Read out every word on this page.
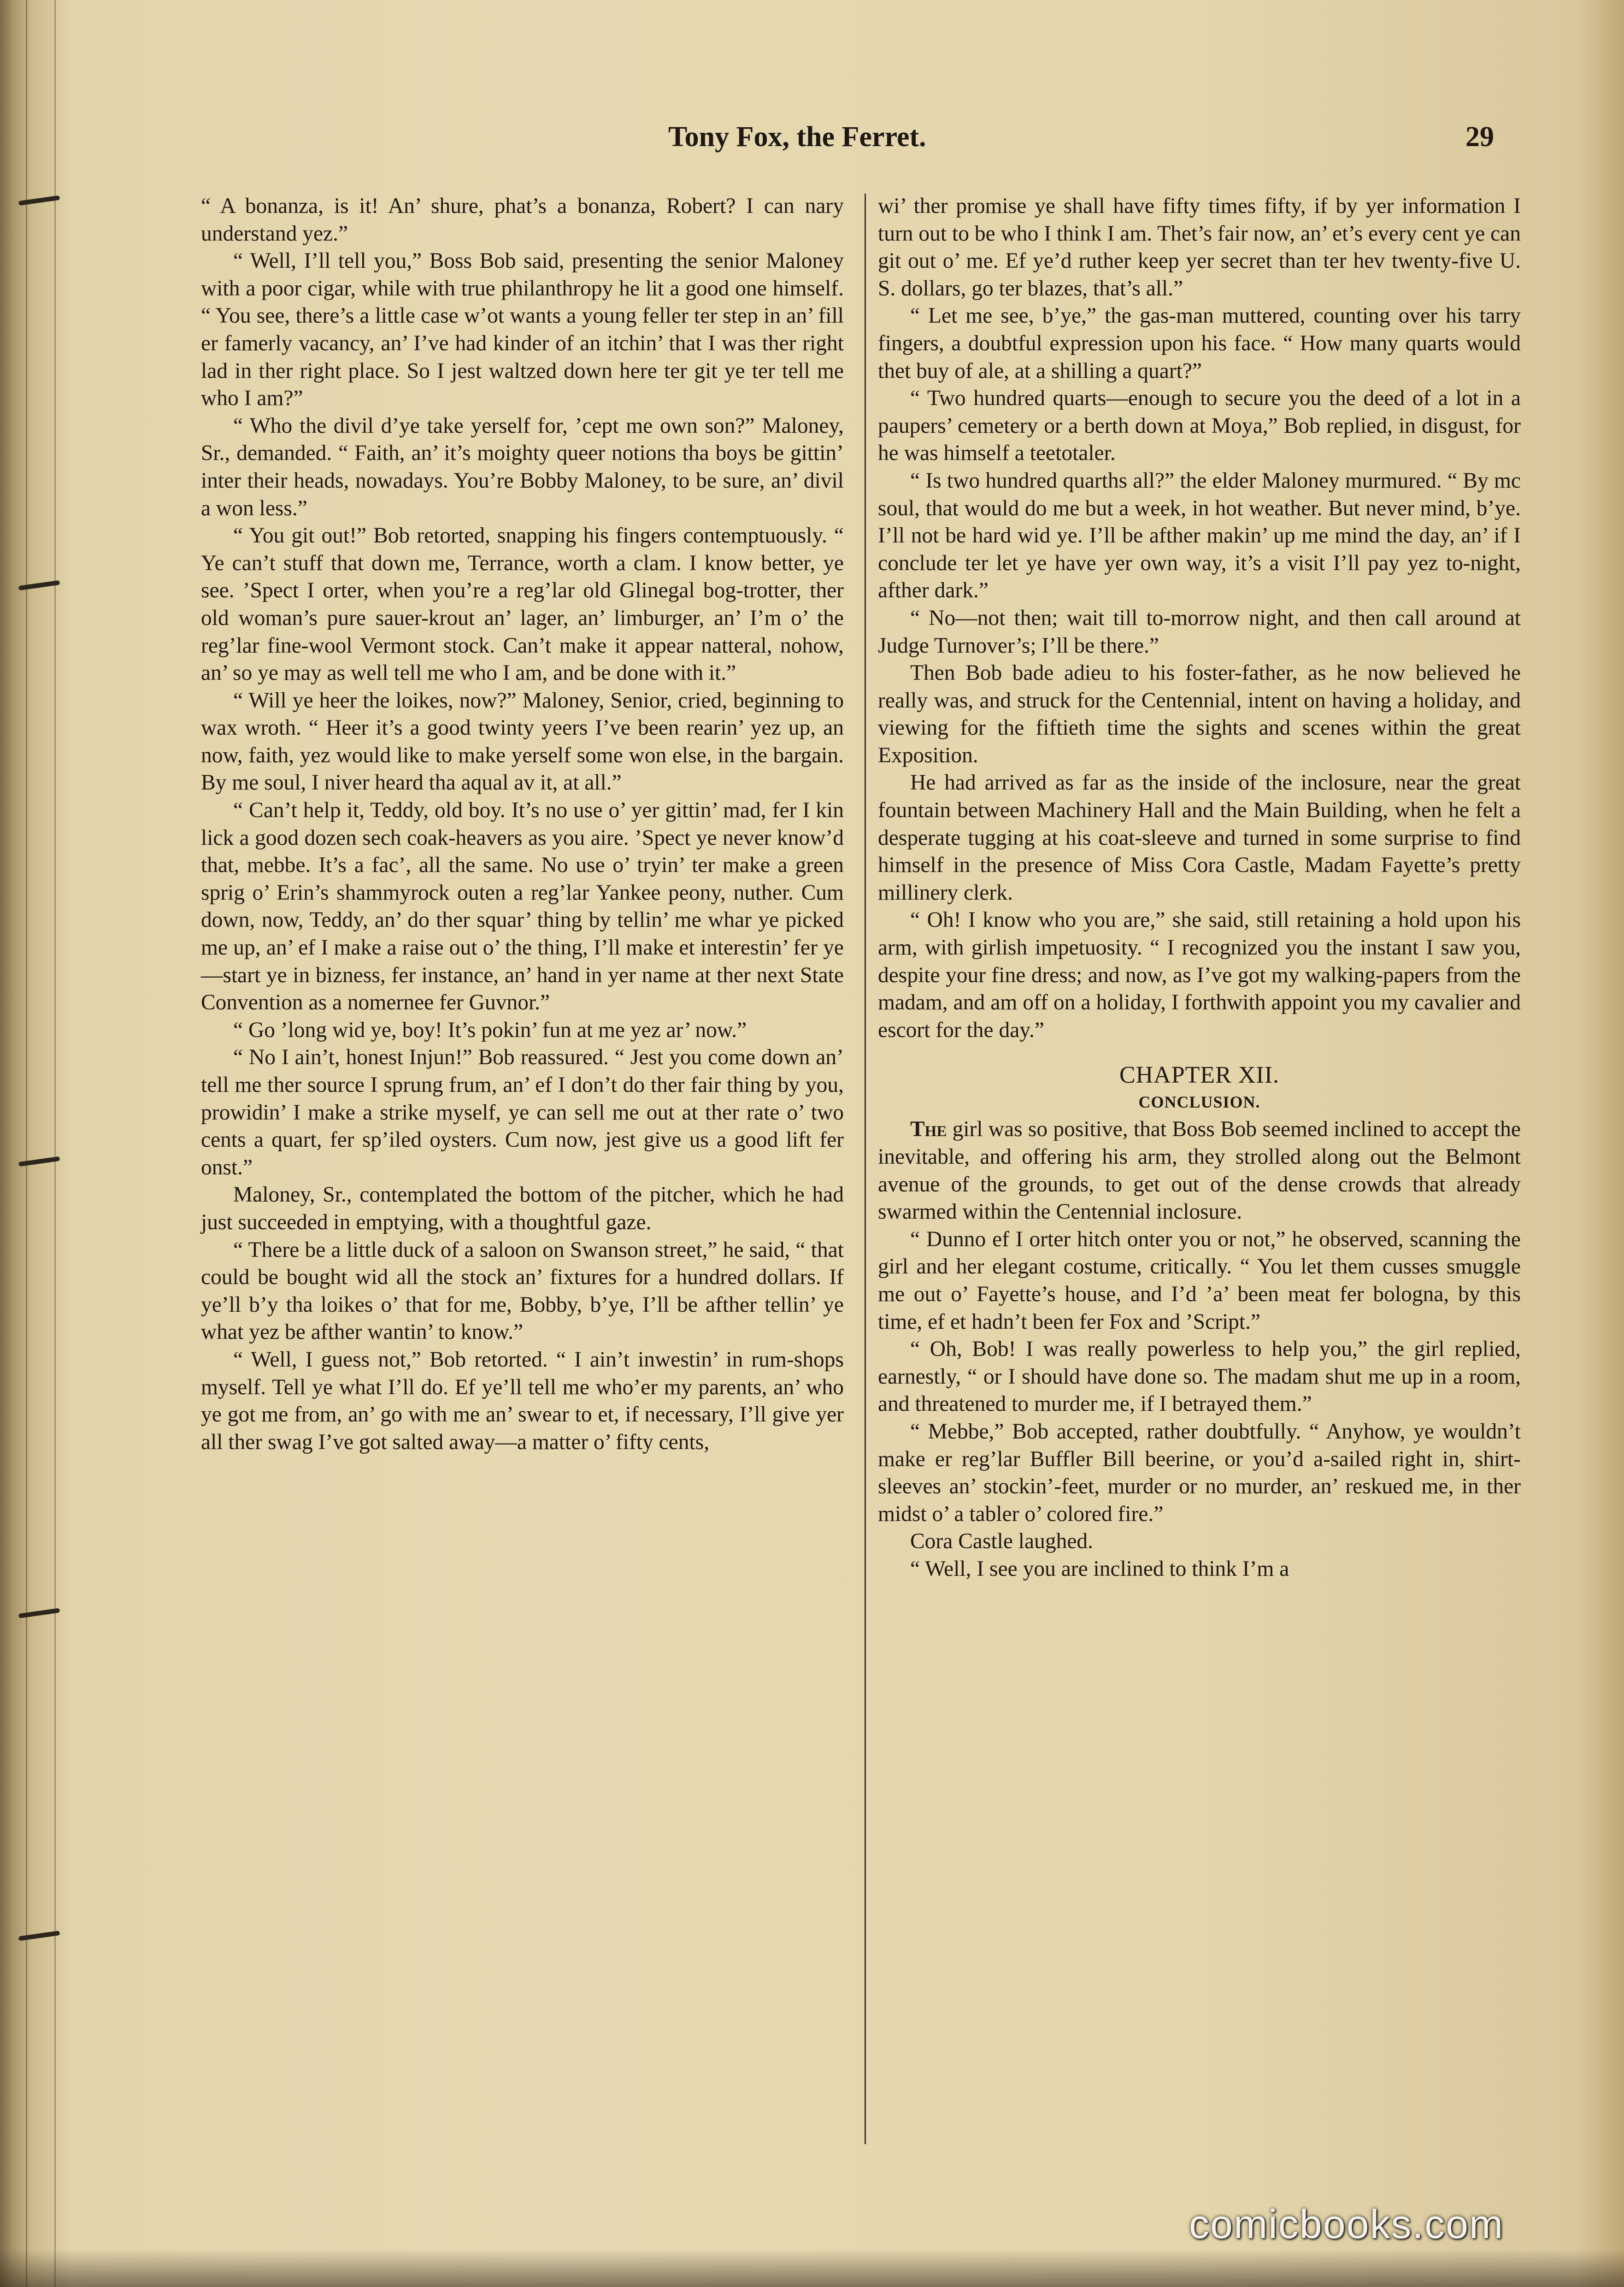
Tony Fox, the Ferret.	29

“ A bonanza, is it! An’ shure, phat’s a bonanza, Robert? I can nary understand yez.”

“ Well, I’ll tell you,” Boss Bob said, presenting the senior Maloney with a poor cigar, while with true philanthropy he lit a good one himself. “ You see, there’s a little case w’ot wants a young feller ter step in an’ fill er famerly vacancy, an’ I’ve had kinder of an itchin’ that I was ther right lad in ther right place. So I jest waltzed down here ter git ye ter tell me who I am?”

“ Who the divil d’ye take yerself for, ’cept me own son?” Maloney, Sr., demanded. “ Faith, an’ it’s moighty queer notions tha boys be gittin’ inter their heads, nowadays. You’re Bobby Maloney, to be sure, an’ divil a won less.”

“ You git out!” Bob retorted, snapping his fingers contemptuously. “ Ye can’t stuff that down me, Terrance, worth a clam. I know better, ye see. ’Spect I orter, when you’re a reg’lar old Glinegal bog-trotter, ther old woman’s pure sauer-krout an’ lager, an’ limburger, an’ I’m o’ the reg’lar fine-wool Vermont stock. Can’t make it appear natteral, nohow, an’ so ye may as well tell me who I am, and be done with it.”

“ Will ye heer the loikes, now?” Maloney, Senior, cried, beginning to wax wroth. “ Heer it’s a good twinty yeers I’ve been rearin’ yez up, an now, faith, yez would like to make yerself some won else, in the bargain. By me soul, I niver heard tha aqual av it, at all.”

“ Can’t help it, Teddy, old boy. It’s no use o’ yer gittin’ mad, fer I kin lick a good dozen sech coak-heavers as you aire. ’Spect ye never know’d that, mebbe. It’s a fac’, all the same. No use o’ tryin’ ter make a green sprig o’ Erin’s shammyrock outen a reg’lar Yankee peony, nuther. Cum down, now, Teddy, an’ do ther squar’ thing by tellin’ me whar ye picked me up, an’ ef I make a raise out o’ the thing, I’ll make et interestin’ fer ye—start ye in bizness, fer instance, an’ hand in yer name at ther next State Convention as a nomernee fer Guvnor.”

“ Go ’long wid ye, boy! It’s pokin’ fun at me yez ar’ now.”

“ No I ain’t, honest Injun!” Bob reassured. “ Jest you come down an’ tell me ther source I sprung frum, an’ ef I don’t do ther fair thing by you, prowidin’ I make a strike myself, ye can sell me out at ther rate o’ two cents a quart, fer sp’iled oysters. Cum now, jest give us a good lift fer onst.”

Maloney, Sr., contemplated the bottom of the pitcher, which he had just succeeded in emptying, with a thoughtful gaze.

“ There be a little duck of a saloon on Swanson street,” he said, “ that could be bought wid all the stock an’ fixtures for a hundred dollars. If ye’ll b’y tha loikes o’ that for me, Bobby, b’ye, I’ll be afther tellin’ ye what yez be afther wantin’ to know.”

“ Well, I guess not,” Bob retorted. “ I ain’t inwestin’ in rum-shops myself. Tell ye what I’ll do. Ef ye’ll tell me who’er my parents, an’ who ye got me from, an’ go with me an’ swear to et, if necessary, I’ll give yer all ther swag I’ve got salted away—a matter o’ fifty cents,

wi’ ther promise ye shall have fifty times fifty, if by yer information I turn out to be who I think I am. Thet’s fair now, an’ et’s every cent ye can git out o’ me. Ef ye’d ruther keep yer secret than ter hev twenty-five U. S. dollars, go ter blazes, that’s all.”

“ Let me see, b’ye,” the gas-man muttered, counting over his tarry fingers, a doubtful expression upon his face. “ How many quarts would thet buy of ale, at a shilling a quart?”

“ Two hundred quarts—enough to secure you the deed of a lot in a paupers’ cemetery or a berth down at Moya,” Bob replied, in disgust, for he was himself a teetotaler.

“ Is two hundred quarths all?” the elder Maloney murmured. “ By mc soul, that would do me but a week, in hot weather. But never mind, b’ye. I’ll not be hard wid ye. I’ll be afther makin’ up me mind the day, an’ if I conclude ter let ye have yer own way, it’s a visit I’ll pay yez to-night, afther dark.”

“ No—not then; wait till to-morrow night, and then call around at Judge Turnover’s; I’ll be there.”

Then Bob bade adieu to his foster-father, as he now believed he really was, and struck for the Centennial, intent on having a holiday, and viewing for the fiftieth time the sights and scenes within the great Exposition.

He had arrived as far as the inside of the inclosure, near the great fountain between Machinery Hall and the Main Building, when he felt a desperate tugging at his coat-sleeve and turned in some surprise to find himself in the presence of Miss Cora Castle, Madam Fayette’s pretty millinery clerk.

“ Oh! I know who you are,” she said, still retaining a hold upon his arm, with girlish impetuosity. “ I recognized you the instant I saw you, despite your fine dress; and now, as I’ve got my walking-papers from the madam, and am off on a holiday, I forthwith appoint you my cavalier and escort for the day.”

CHAPTER XII.
CONCLUSION.

The girl was so positive, that Boss Bob seemed inclined to accept the inevitable, and offering his arm, they strolled along out the Belmont avenue of the grounds, to get out of the dense crowds that already swarmed within the Centennial inclosure.

“ Dunno ef I orter hitch onter you or not,” he observed, scanning the girl and her elegant costume, critically. “ You let them cusses smuggle me out o’ Fayette’s house, and I’d ’a’ been meat fer bologna, by this time, ef et hadn’t been fer Fox and ’Script.”

“ Oh, Bob! I was really powerless to help you,” the girl replied, earnestly, “ or I should have done so. The madam shut me up in a room, and threatened to murder me, if I betrayed them.”

“ Mebbe,” Bob accepted, rather doubtfully. “ Anyhow, ye wouldn’t make er reg’lar Buffler Bill beerine, or you’d a-sailed right in, shirt-sleeves an’ stockin’-feet, murder or no murder, an’ reskued me, in ther midst o’ a tabler o’ colored fire.”

Cora Castle laughed.

“ Well, I see you are inclined to think I’m a

comicbooks.com
